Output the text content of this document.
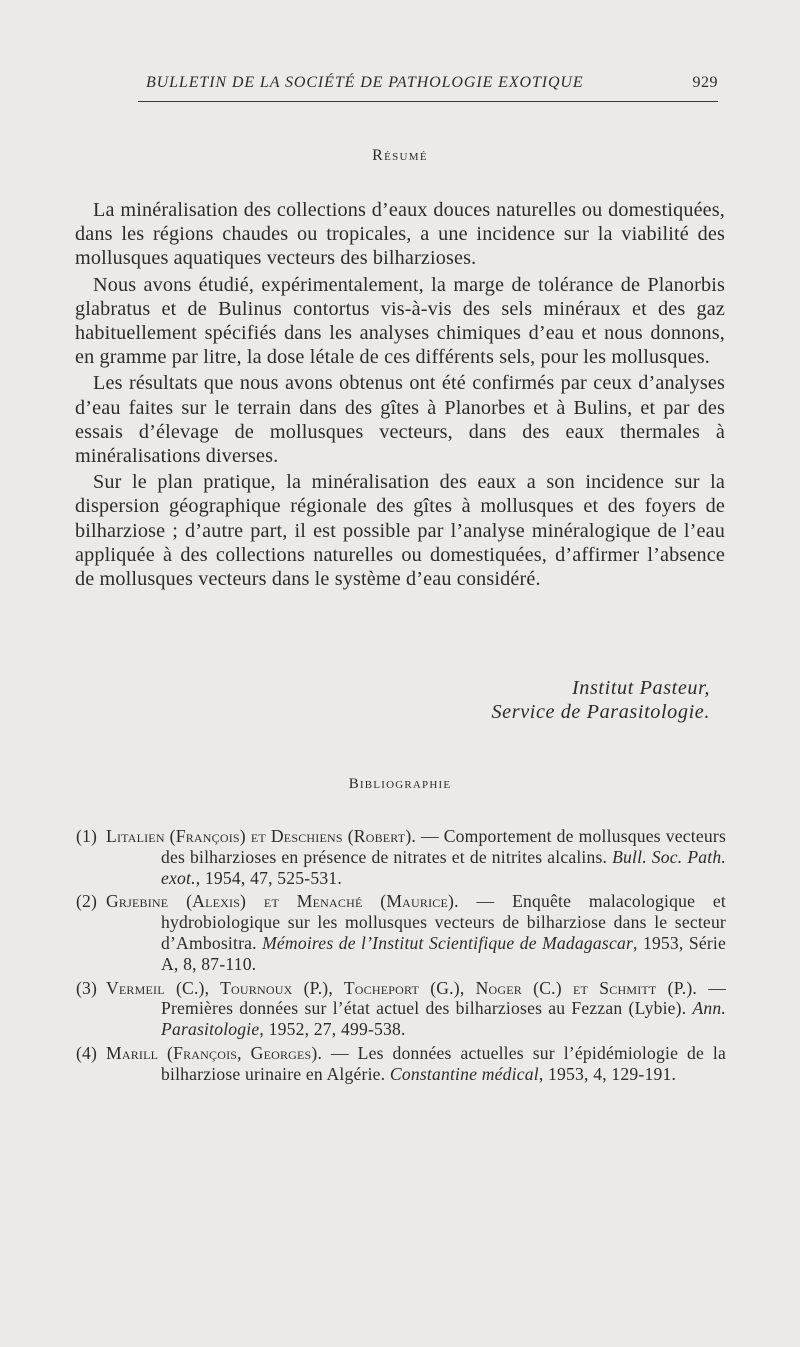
BULLETIN DE LA SOCIÉTÉ DE PATHOLOGIE EXOTIQUE	929
Résumé

La minéralisation des collections d’eaux douces naturelles ou domestiquées, dans les régions chaudes ou tropicales, a une incidence sur la viabilité des mollusques aquatiques vecteurs des bilharzioses.

Nous avons étudié, expérimentalement, la marge de tolérance de Planorbis glabratus et de Bulinus contortus vis-à-vis des sels minéraux et des gaz habituellement spécifiés dans les analyses chimiques d’eau et nous donnons, en gramme par litre, la dose létale de ces différents sels, pour les mollusques.

Les résultats que nous avons obtenus ont été confirmés par ceux d’analyses d’eau faites sur le terrain dans des gîtes à Planorbes et à Bulins, et par des essais d’élevage de mollusques vecteurs, dans des eaux thermales à minéralisations diverses.

Sur le plan pratique, la minéralisation des eaux a son incidence sur la dispersion géographique régionale des gîtes à mollusques et des foyers de bilharziose ; d’autre part, il est possible par l’analyse minéralogique de l’eau appliquée à des collections naturelles ou domestiquées, d’affirmer l’absence de mollusques vecteurs dans le système d’eau considéré.

Institut Pasteur,
Service de Parasitologie.
Bibliographie

(1) Litalien (François) et Deschiens (Robert). — Comportement de mollusques vecteurs des bilharzioses en présence de nitrates et de nitrites alcalins. Bull. Soc. Path. exot., 1954, 47, 525-531.

(2) Grjebine (Alexis) et Menaché (Maurice). — Enquête malacologique et hydrobiologique sur les mollusques vecteurs de bilharziose dans le secteur d’Ambositra. Mémoires de l’Institut Scientifique de Madagascar, 1953, Série A, 8, 87-110.

(3) Vermeil (C.), Tournoux (P.), Tocheport (G.), Noger (C.) et Schmitt (P.). — Premières données sur l’état actuel des bilharzioses au Fezzan (Lybie). Ann. Parasitologie, 1952, 27, 499-538.

(4) Marill (François, Georges). — Les données actuelles sur l’épidémiologie de la bilharziose urinaire en Algérie. Constantine médical, 1953, 4, 129-191.
